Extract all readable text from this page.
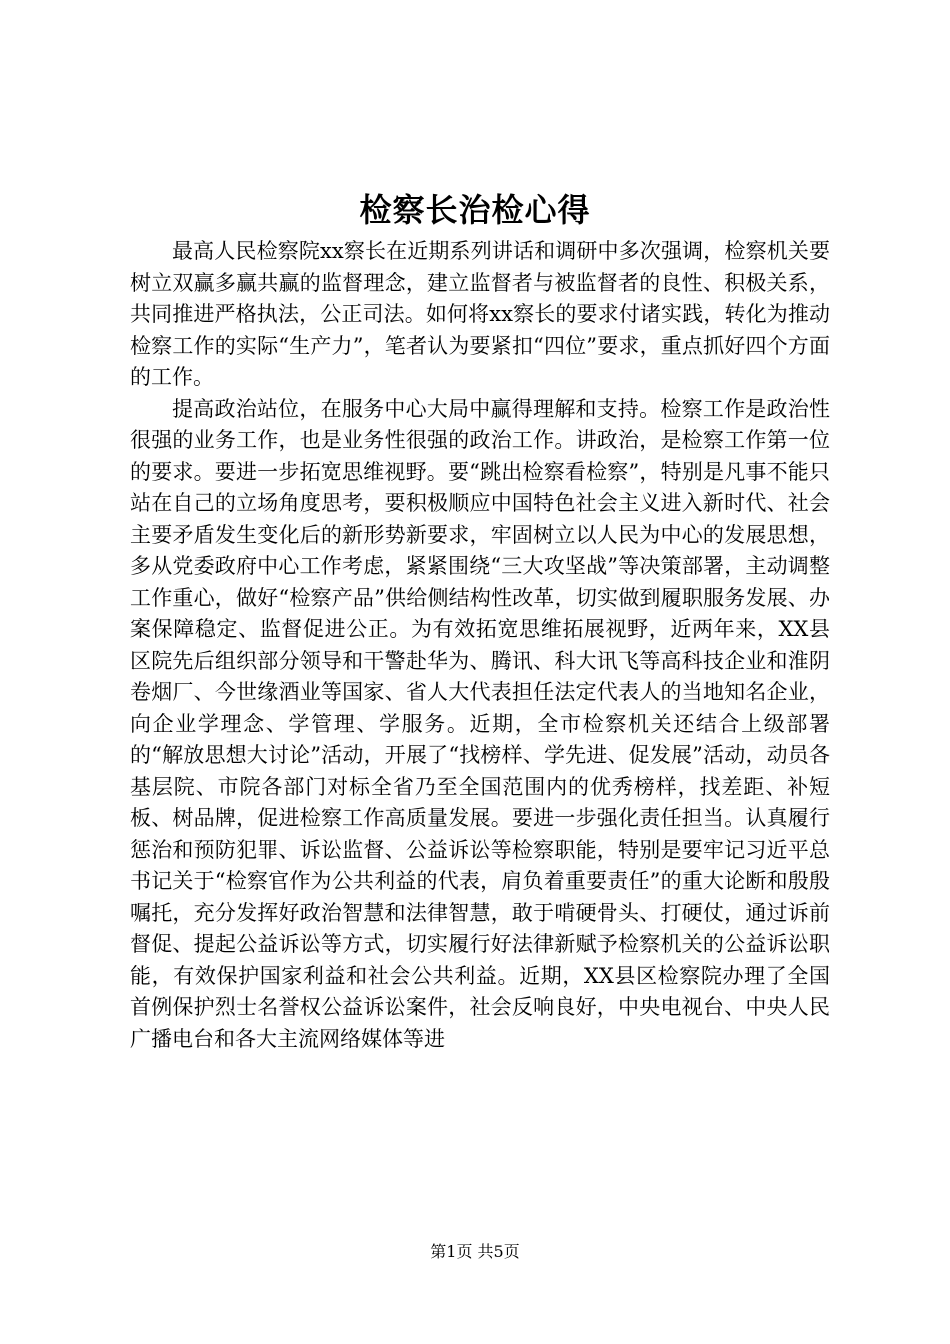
检察长治检心得

最高人民检察院xx察长在近期系列讲话和调研中多次强调，检察机关要树立双赢多赢共赢的监督理念，建立监督者与被监督者的良性、积极关系，共同推进严格执法，公正司法。如何将xx察长的要求付诸实践，转化为推动检察工作的实际“生产力”，笔者认为要紧扣“四位”要求，重点抓好四个方面的工作。

提高政治站位，在服务中心大局中赢得理解和支持。检察工作是政治性很强的业务工作，也是业务性很强的政治工作。讲政治，是检察工作第一位的要求。要进一步拓宽思维视野。要“跳出检察看检察”，特别是凡事不能只站在自己的立场角度思考，要积极顺应中国特色社会主义进入新时代、社会主要矛盾发生变化后的新形势新要求，牢固树立以人民为中心的发展思想，多从党委政府中心工作考虑，紧紧围绕“三大攻坚战”等决策部署，主动调整工作重心，做好“检察产品”供给侧结构性改革，切实做到履职服务发展、办案保障稳定、监督促进公正。为有效拓宽思维拓展视野，近两年来，XX县区院先后组织部分领导和干警赴华为、腾讯、科大讯飞等高科技企业和淮阴卷烟厂、今世缘酒业等国家、省人大代表担任法定代表人的当地知名企业，向企业学理念、学管理、学服务。近期，全市检察机关还结合上级部署的“解放思想大讨论”活动，开展了“找榜样、学先进、促发展”活动，动员各基层院、市院各部门对标全省乃至全国范围内的优秀榜样，找差距、补短板、树品牌，促进检察工作高质量发展。要进一步强化责任担当。认真履行惩治和预防犯罪、诉讼监督、公益诉讼等检察职能，特别是要牢记习近平总书记关于“检察官作为公共利益的代表，肩负着重要责任”的重大论断和殷殷嘱托，充分发挥好政治智慧和法律智慧，敢于啃硬骨头、打硬仗，通过诉前督促、提起公益诉讼等方式，切实履行好法律新赋予检察机关的公益诉讼职能，有效保护国家利益和社会公共利益。近期，XX县区检察院办理了全国首例保护烈士名誉权公益诉讼案件，社会反响良好，中央电视台、中央人民广播电台和各大主流网络媒体等进

第1页 共5页
